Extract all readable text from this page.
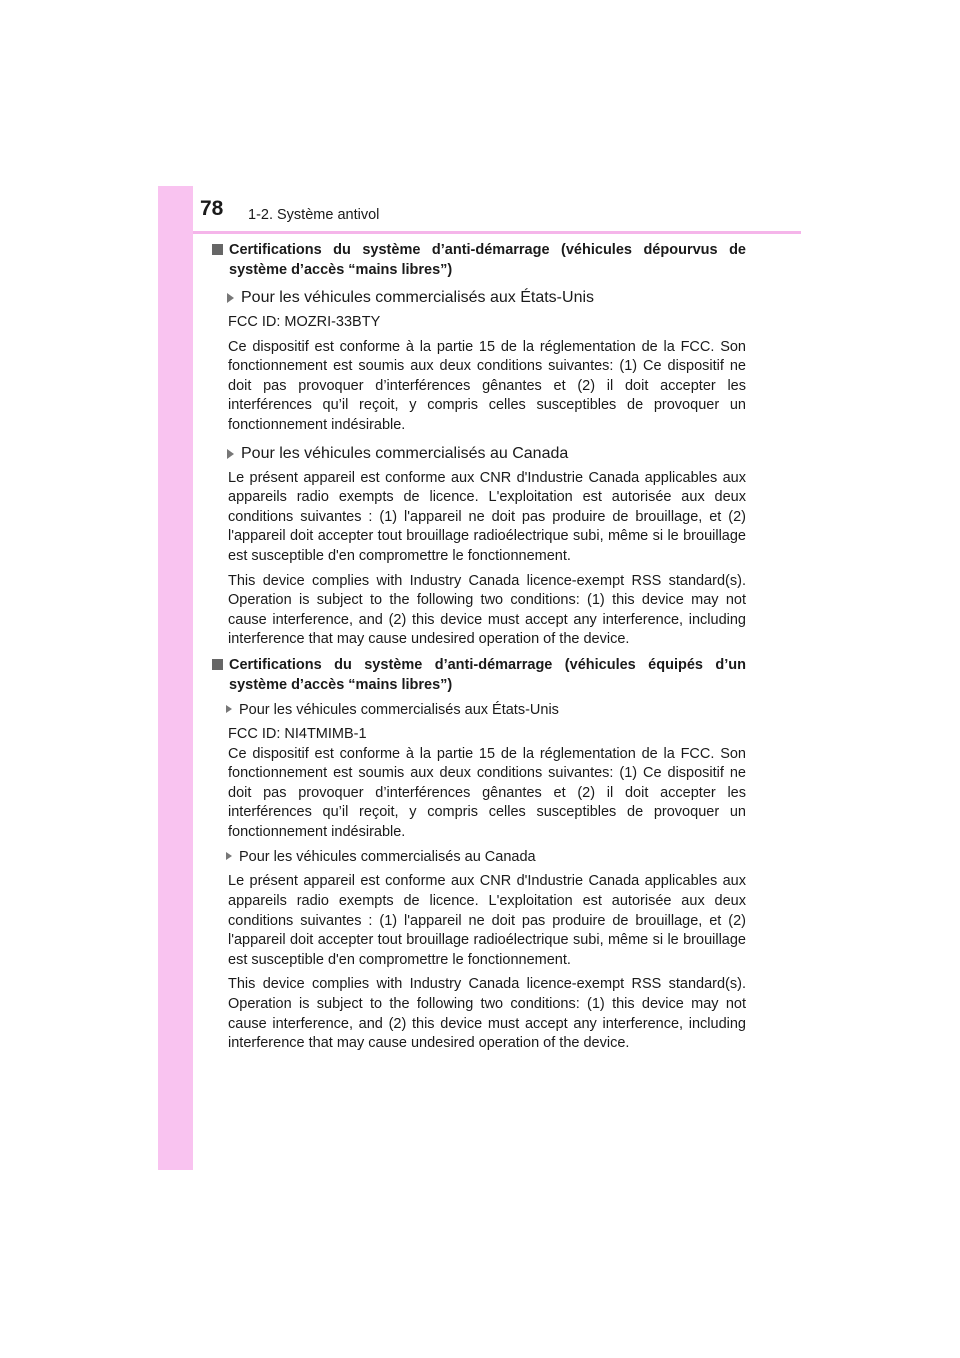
78 1-2. Système antivol
Certifications du système d’anti-démarrage (véhicules dépourvus de système d’accès “mains libres”)
Pour les véhicules commercialisés aux États-Unis
FCC ID: MOZRI-33BTY
Ce dispositif est conforme à la partie 15 de la réglementation de la FCC. Son fonctionnement est soumis aux deux conditions suivantes: (1) Ce dispositif ne doit pas provoquer d’interférences gênantes et (2) il doit accepter les interférences qu’il reçoit, y compris celles susceptibles de provoquer un fonctionnement indésirable.
Pour les véhicules commercialisés au Canada
Le présent appareil est conforme aux CNR d'Industrie Canada applicables aux appareils radio exempts de licence. L'exploitation est autorisée aux deux conditions suivantes : (1) l'appareil ne doit pas produire de brouillage, et (2) l'appareil doit accepter tout brouillage radioélectrique subi, même si le brouillage est susceptible d'en compromettre le fonctionnement.
This device complies with Industry Canada licence-exempt RSS standard(s). Operation is subject to the following two conditions: (1) this device may not cause interference, and (2) this device must accept any interference, including interference that may cause undesired operation of the device.
Certifications du système d’anti-démarrage (véhicules équipés d’un système d’accès “mains libres”)
Pour les véhicules commercialisés aux États-Unis
FCC ID: NI4TMIMB-1
Ce dispositif est conforme à la partie 15 de la réglementation de la FCC. Son fonctionnement est soumis aux deux conditions suivantes: (1) Ce dispositif ne doit pas provoquer d’interférences gênantes et (2) il doit accepter les interférences qu’il reçoit, y compris celles susceptibles de provoquer un fonctionnement indésirable.
Pour les véhicules commercialisés au Canada
Le présent appareil est conforme aux CNR d'Industrie Canada applicables aux appareils radio exempts de licence. L'exploitation est autorisée aux deux conditions suivantes : (1) l'appareil ne doit pas produire de brouillage, et (2) l'appareil doit accepter tout brouillage radioélectrique subi, même si le brouillage est susceptible d'en compromettre le fonctionnement.
This device complies with Industry Canada licence-exempt RSS standard(s). Operation is subject to the following two conditions: (1) this device may not cause interference, and (2) this device must accept any interference, including interference that may cause undesired operation of the device.
